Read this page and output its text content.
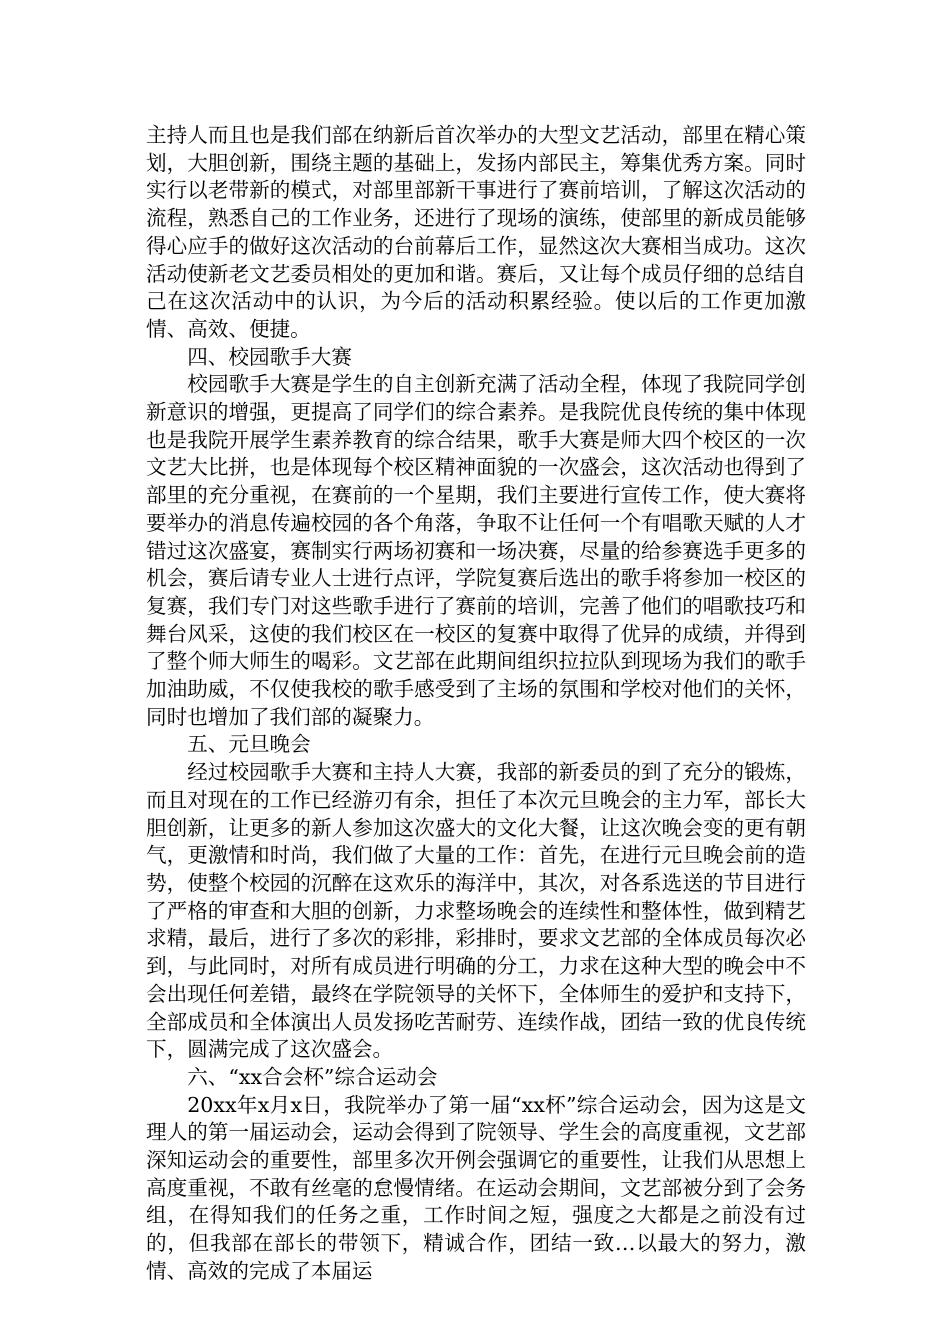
主持人而且也是我们部在纳新后首次举办的大型文艺活动，部里在精心策划，大胆创新，围绕主题的基础上，发扬内部民主，筹集优秀方案。同时实行以老带新的模式，对部里部新干事进行了赛前培训，了解这次活动的流程，熟悉自己的工作业务，还进行了现场的演练，使部里的新成员能够得心应手的做好这次活动的台前幕后工作，显然这次大赛相当成功。这次活动使新老文艺委员相处的更加和谐。赛后，又让每个成员仔细的总结自己在这次活动中的认识，为今后的活动积累经验。使以后的工作更加激情、高效、便捷。

四、校园歌手大赛

校园歌手大赛是学生的自主创新充满了活动全程，体现了我院同学创新意识的增强，更提高了同学们的综合素养。是我院优良传统的集中体现也是我院开展学生素养教育的综合结果，歌手大赛是师大四个校区的一次文艺大比拼，也是体现每个校区精神面貌的一次盛会，这次活动也得到了部里的充分重视，在赛前的一个星期，我们主要进行宣传工作，使大赛将要举办的消息传遍校园的各个角落，争取不让任何一个有唱歌天赋的人才错过这次盛宴，赛制实行两场初赛和一场决赛，尽量的给参赛选手更多的机会，赛后请专业人士进行点评，学院复赛后选出的歌手将参加一校区的复赛，我们专门对这些歌手进行了赛前的培训，完善了他们的唱歌技巧和舞台风采，这使的我们校区在一校区的复赛中取得了优异的成绩，并得到了整个师大师生的喝彩。文艺部在此期间组织拉拉队到现场为我们的歌手加油助威，不仅使我校的歌手感受到了主场的氛围和学校对他们的关怀，同时也增加了我们部的凝聚力。

五、元旦晚会

经过校园歌手大赛和主持人大赛，我部的新委员的到了充分的锻炼，而且对现在的工作已经游刃有余，担任了本次元旦晚会的主力军，部长大胆创新，让更多的新人参加这次盛大的文化大餐，让这次晚会变的更有朝气，更激情和时尚，我们做了大量的工作：首先，在进行元旦晚会前的造势，使整个校园的沉醉在这欢乐的海洋中，其次，对各系选送的节目进行了严格的审查和大胆的创新，力求整场晚会的连续性和整体性，做到精艺求精，最后，进行了多次的彩排，彩排时，要求文艺部的全体成员每次必到，与此同时，对所有成员进行明确的分工，力求在这种大型的晚会中不会出现任何差错，最终在学院领导的关怀下，全体师生的爱护和支持下，全部成员和全体演出人员发扬吃苦耐劳、连续作战，团结一致的优良传统下，圆满完成了这次盛会。

六、“xx合会杯”综合运动会

20xx年x月x日，我院举办了第一届“xx杯”综合运动会，因为这是文理人的第一届运动会，运动会得到了院领导、学生会的高度重视，文艺部深知运动会的重要性，部里多次开例会强调它的重要性，让我们从思想上高度重视，不敢有丝毫的怠慢情绪。在运动会期间，文艺部被分到了会务组，在得知我们的任务之重，工作时间之短，强度之大都是之前没有过的，但我部在部长的带领下，精诚合作，团结一致…以最大的努力，激情、高效的完成了本届运
